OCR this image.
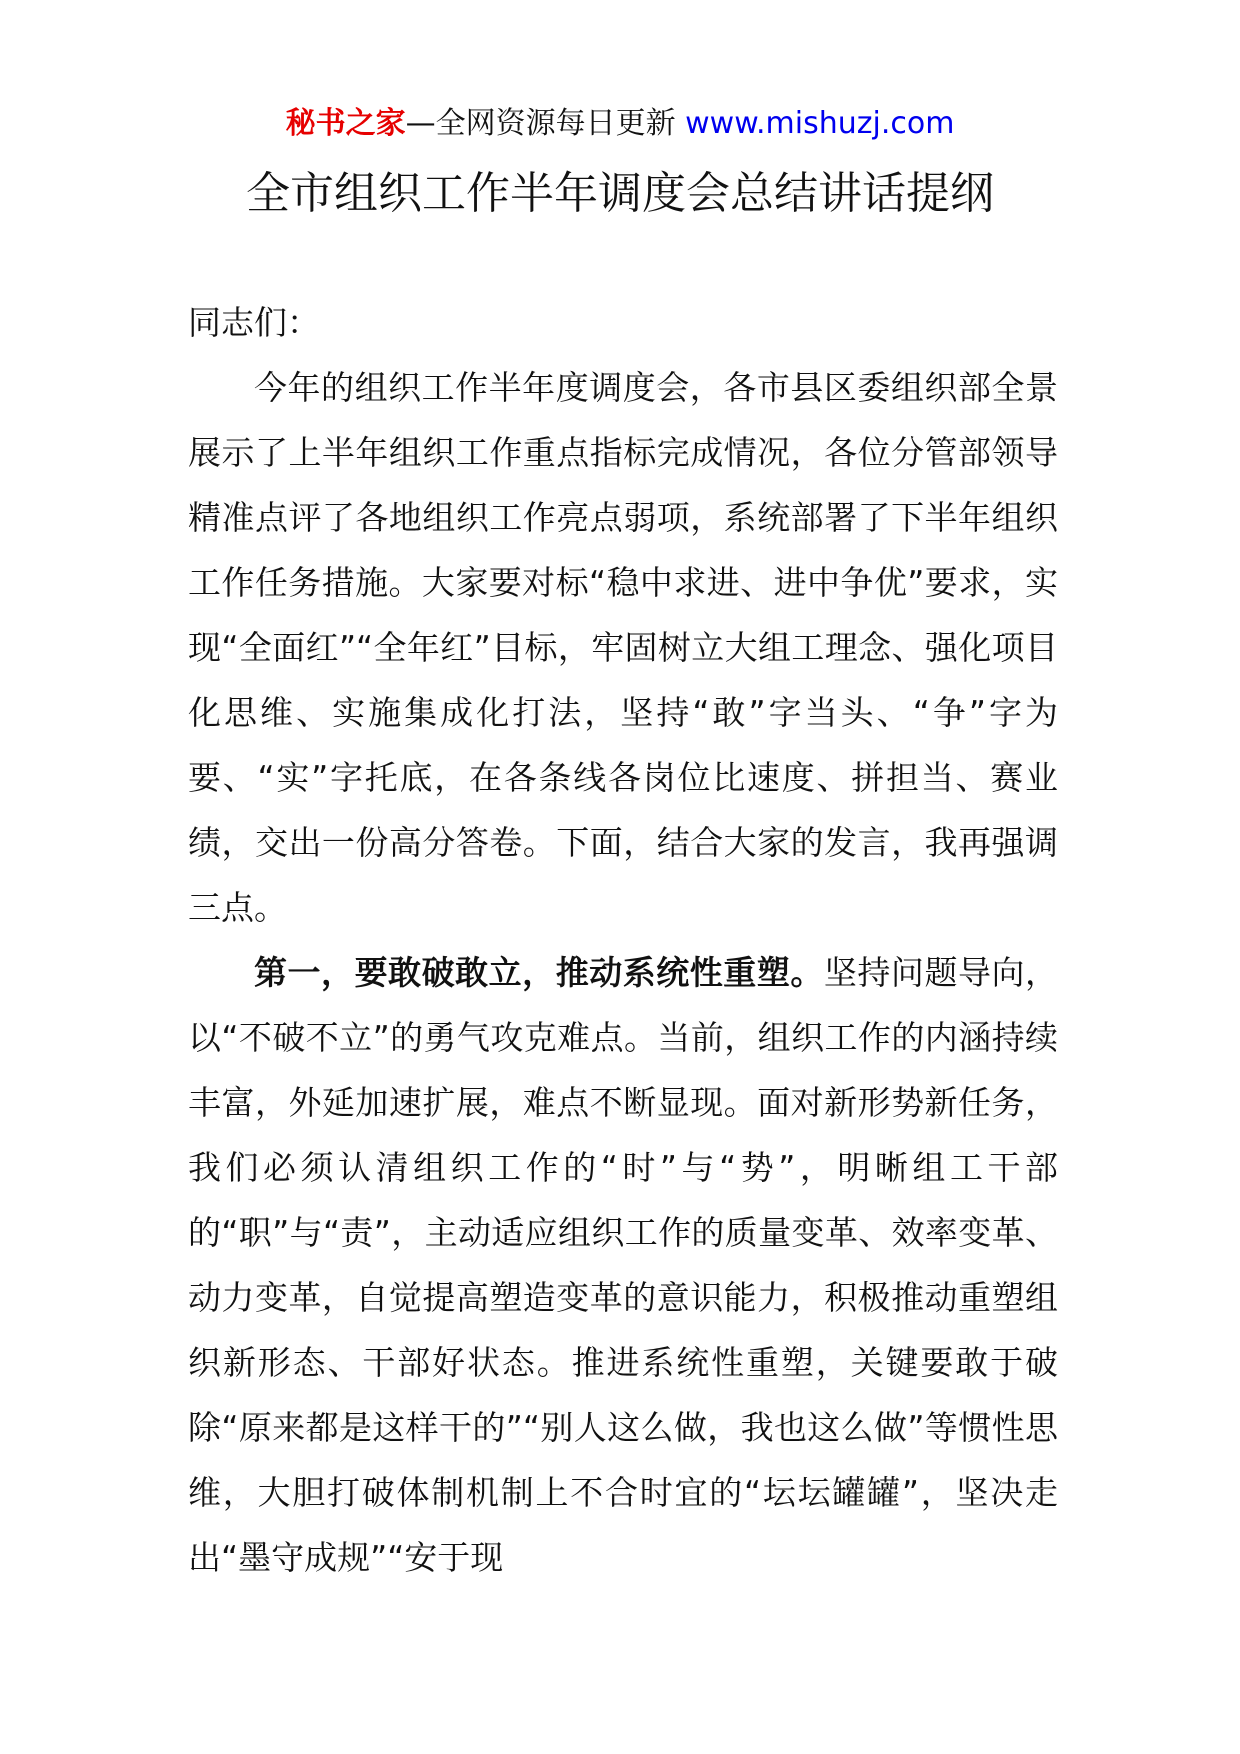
秘书之家—全网资源每日更新 www.mishuzj.com
全市组织工作半年调度会总结讲话提纲

同志们：

今年的组织工作半年度调度会，各市县区委组织部全景展示了上半年组织工作重点指标完成情况，各位分管部领导精准点评了各地组织工作亮点弱项，系统部署了下半年组织工作任务措施。大家要对标“稳中求进、进中争优”要求，实现“全面红”“全年红”目标，牢固树立大组工理念、强化项目化思维、实施集成化打法，坚持“敢”字当头、“争”字为要、“实”字托底，在各条线各岗位比速度、拼担当、赛业绩，交出一份高分答卷。下面，结合大家的发言，我再强调三点。

第一，要敢破敢立，推动系统性重塑。坚持问题导向，以“不破不立”的勇气攻克难点。当前，组织工作的内涵持续丰富，外延加速扩展，难点不断显现。面对新形势新任务，我们必须认清组织工作的“时”与“势”，明晰组工干部的“职”与“责”，主动适应组织工作的质量变革、效率变革、动力变革，自觉提高塑造变革的意识能力，积极推动重塑组织新形态、干部好状态。推进系统性重塑，关键要敢于破除“原来都是这样干的”“别人这么做，我也这么做”等惯性思维，大胆打破体制机制上不合时宜的“坛坛罐罐”，坚决走出“墨守成规”“安于现
